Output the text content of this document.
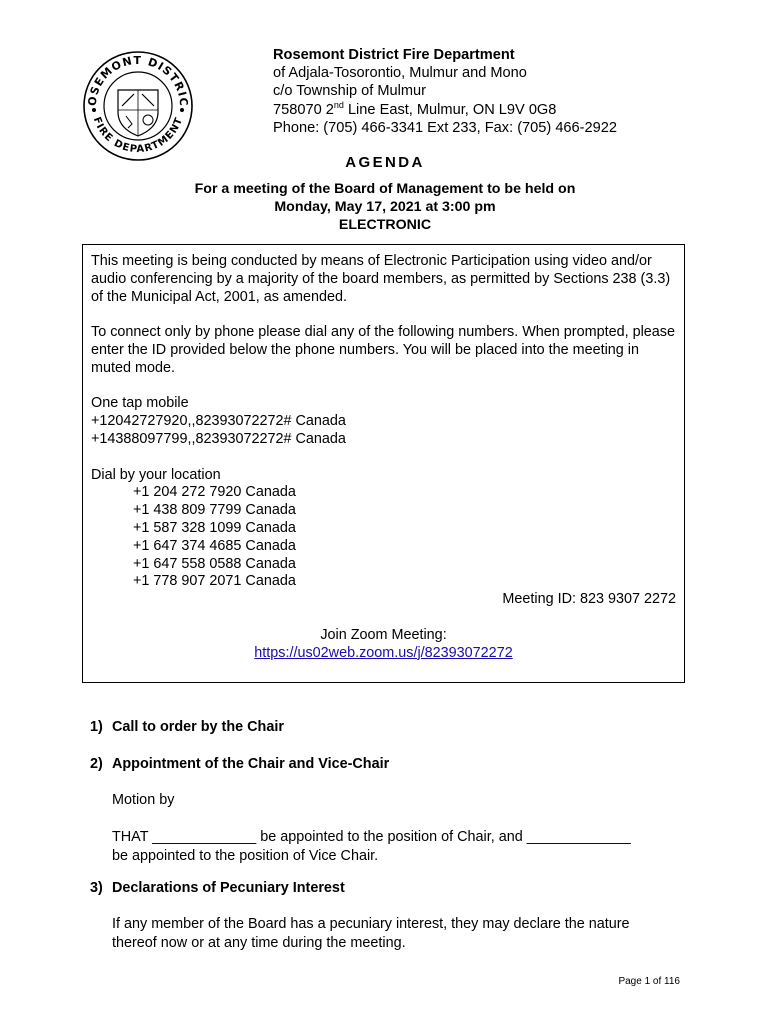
OSEMONT DISTRIC
FIRE DEPARTMENT
Rosemont District Fire Department
of Adjala-Tosorontio, Mulmur and Mono
c/o Township of Mulmur
758070 2nd Line East, Mulmur, ON L9V 0G8
Phone: (705) 466-3341 Ext 233, Fax: (705) 466-2922
AGENDA
For a meeting of the Board of Management to be held on
Monday, May 17, 2021 at 3:00 pm
ELECTRONIC

This meeting is being conducted by means of Electronic Participation using video and/or audio conferencing by a majority of the board members, as permitted by Sections 238 (3.3) of the Municipal Act, 2001, as amended.

To connect only by phone please dial any of the following numbers. When prompted, please enter the ID provided below the phone numbers. You will be placed into the meeting in muted mode.

One tap mobile

+12042727920,,82393072272# Canada

+14388097799,,82393072272# Canada

Dial by your location

+1 204 272 7920 Canada

+1 438 809 7799 Canada

+1 587 328 1099 Canada

+1 647 374 4685 Canada

+1 647 558 0588 Canada

+1 778 907 2071 Canada

Meeting ID: 823 9307 2272

Join Zoom Meeting:

https://us02web.zoom.us/j/82393072272

1) Call to order by the Chair
2) Appointment of the Chair and Vice-Chair
Motion by
THAT _____________ be appointed to the position of Chair, and _____________
be appointed to the position of Vice Chair.
3) Declarations of Pecuniary Interest
If any member of the Board has a pecuniary interest, they may declare the nature
thereof now or at any time during the meeting.
Page 1 of 116
